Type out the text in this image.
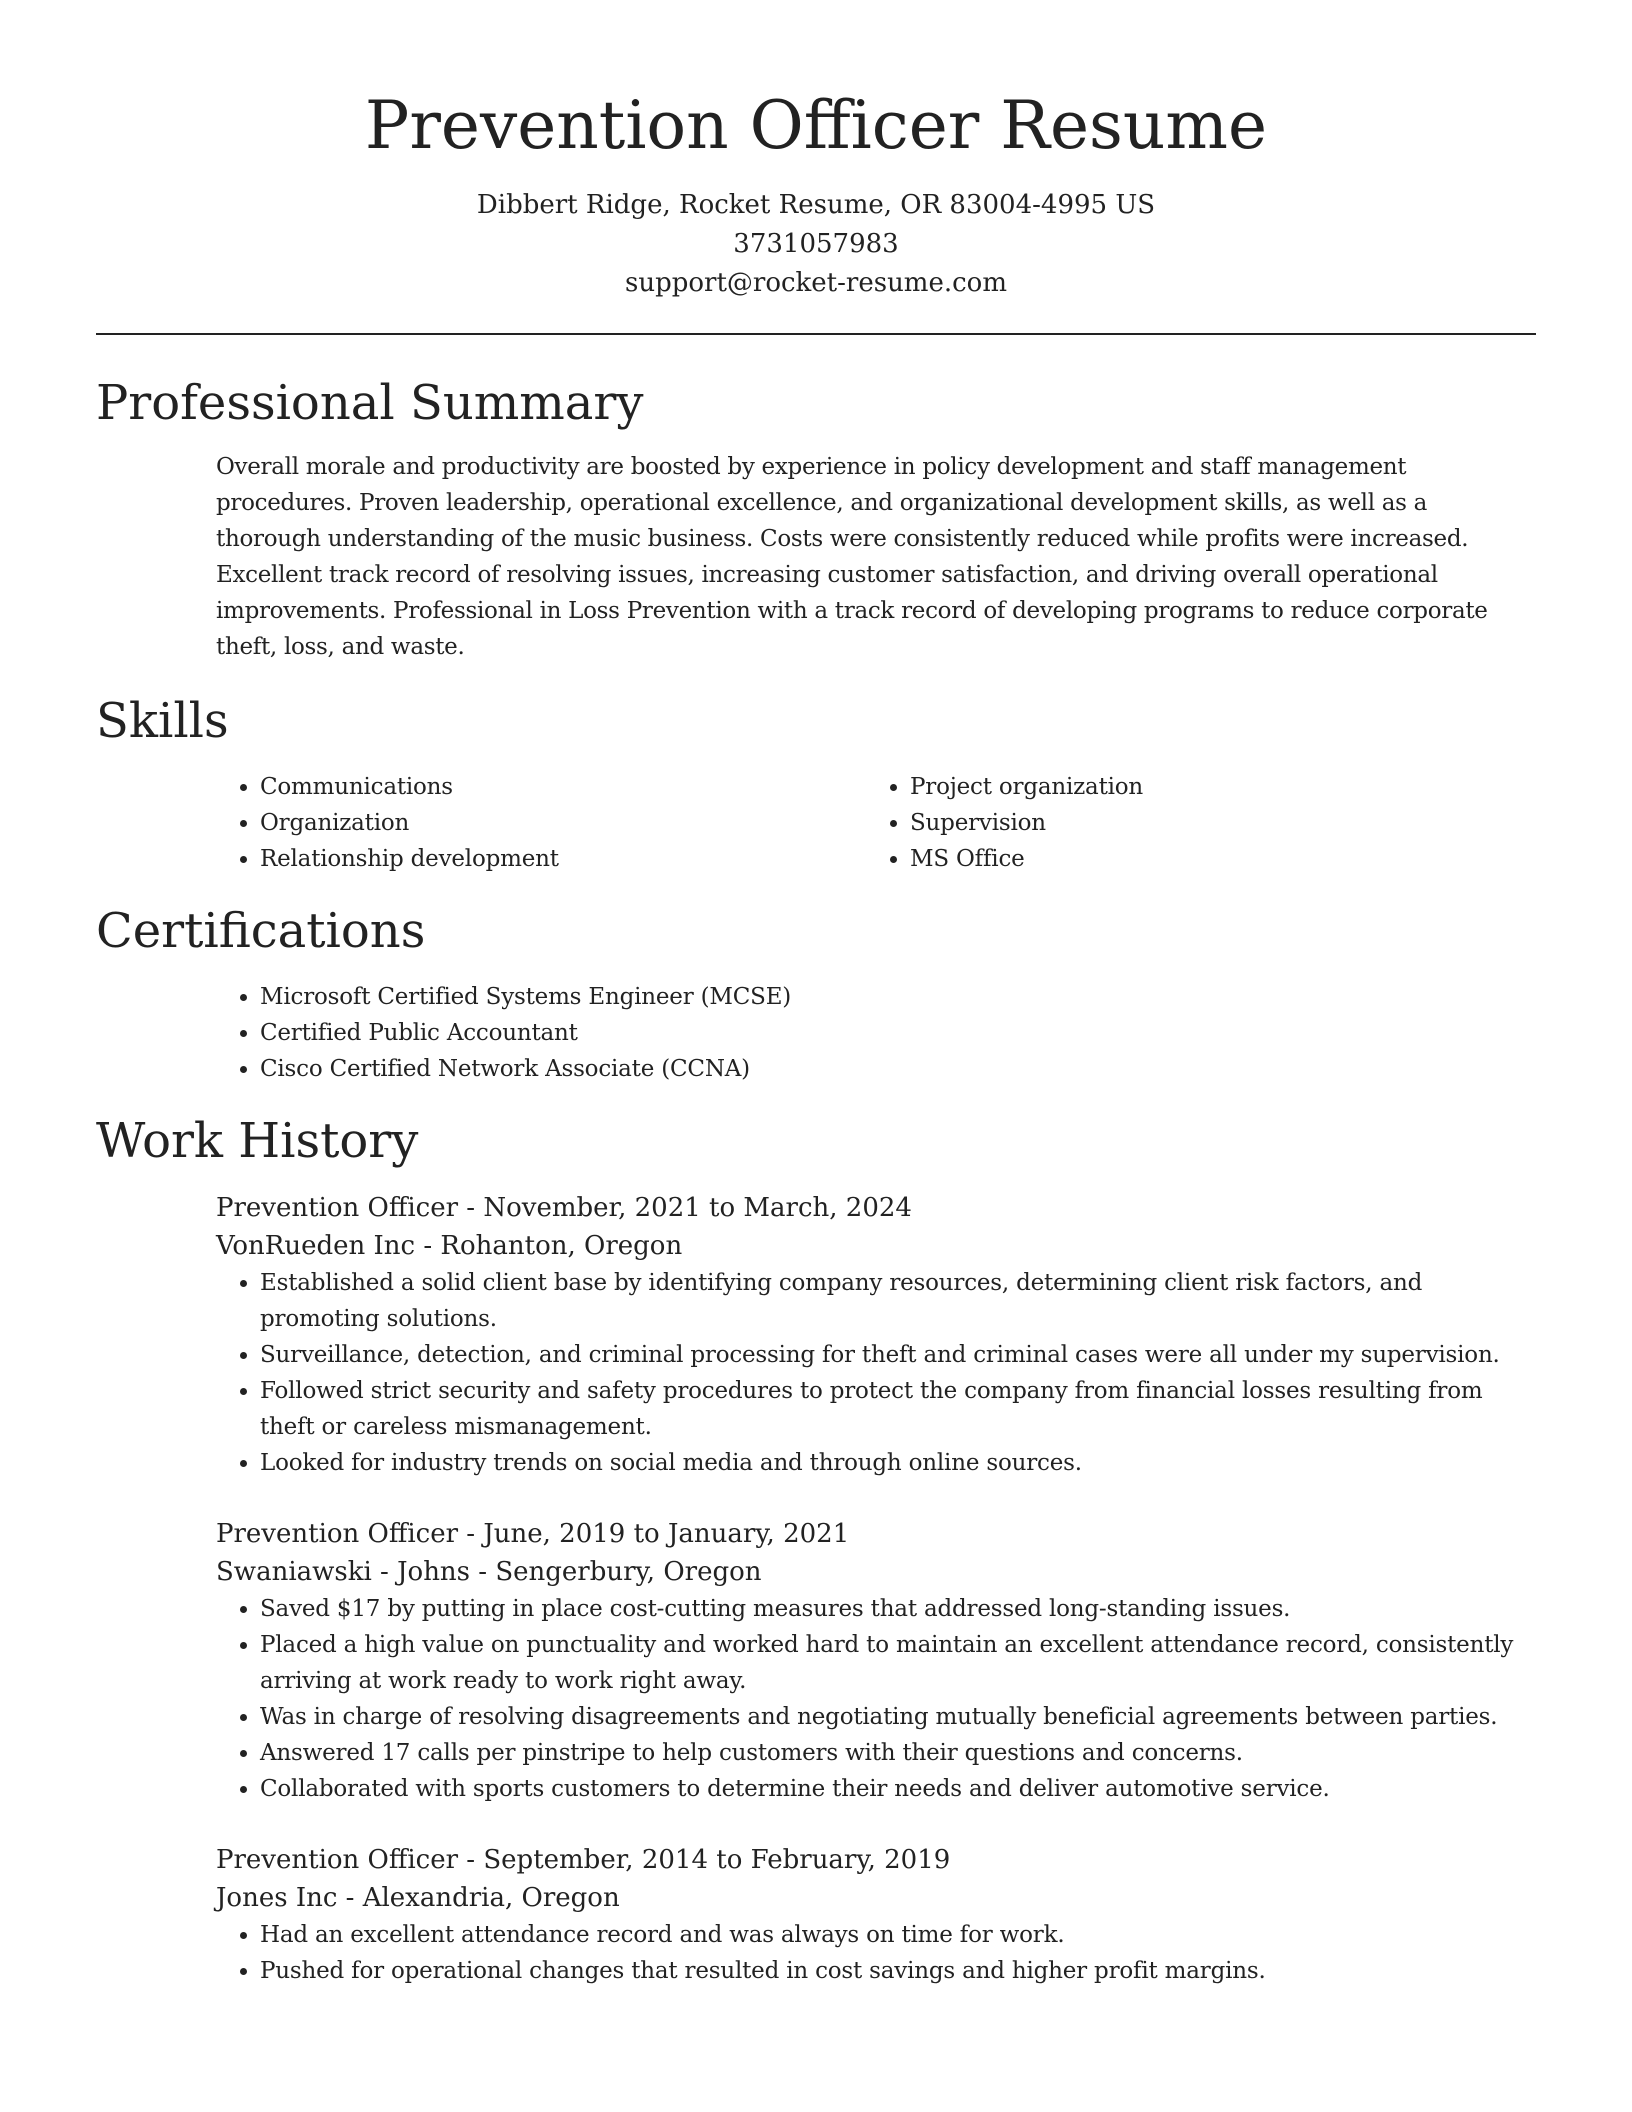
Prevention Officer Resume
Dibbert Ridge, Rocket Resume, OR 83004-4995 US
3731057983
support@rocket-resume.com
Professional Summary
Overall morale and productivity are boosted by experience in policy development and staff management procedures. Proven leadership, operational excellence, and organizational development skills, as well as a thorough understanding of the music business. Costs were consistently reduced while profits were increased. Excellent track record of resolving issues, increasing customer satisfaction, and driving overall operational improvements. Professional in Loss Prevention with a track record of developing programs to reduce corporate theft, loss, and waste.
Skills
• Communications
• Organization
• Relationship development
• Project organization
• Supervision
• MS Office
Certifications
• Microsoft Certified Systems Engineer (MCSE)
• Certified Public Accountant
• Cisco Certified Network Associate (CCNA)
Work History
Prevention Officer - November, 2021 to March, 2024
VonRueden Inc - Rohanton, Oregon
• Established a solid client base by identifying company resources, determining client risk factors, and promoting solutions.
• Surveillance, detection, and criminal processing for theft and criminal cases were all under my supervision.
• Followed strict security and safety procedures to protect the company from financial losses resulting from theft or careless mismanagement.
• Looked for industry trends on social media and through online sources.
Prevention Officer - June, 2019 to January, 2021
Swaniawski - Johns - Sengerbury, Oregon
• Saved $17 by putting in place cost-cutting measures that addressed long-standing issues.
• Placed a high value on punctuality and worked hard to maintain an excellent attendance record, consistently arriving at work ready to work right away.
• Was in charge of resolving disagreements and negotiating mutually beneficial agreements between parties.
• Answered 17 calls per pinstripe to help customers with their questions and concerns.
• Collaborated with sports customers to determine their needs and deliver automotive service.
Prevention Officer - September, 2014 to February, 2019
Jones Inc - Alexandria, Oregon
• Had an excellent attendance record and was always on time for work.
• Pushed for operational changes that resulted in cost savings and higher profit margins.
